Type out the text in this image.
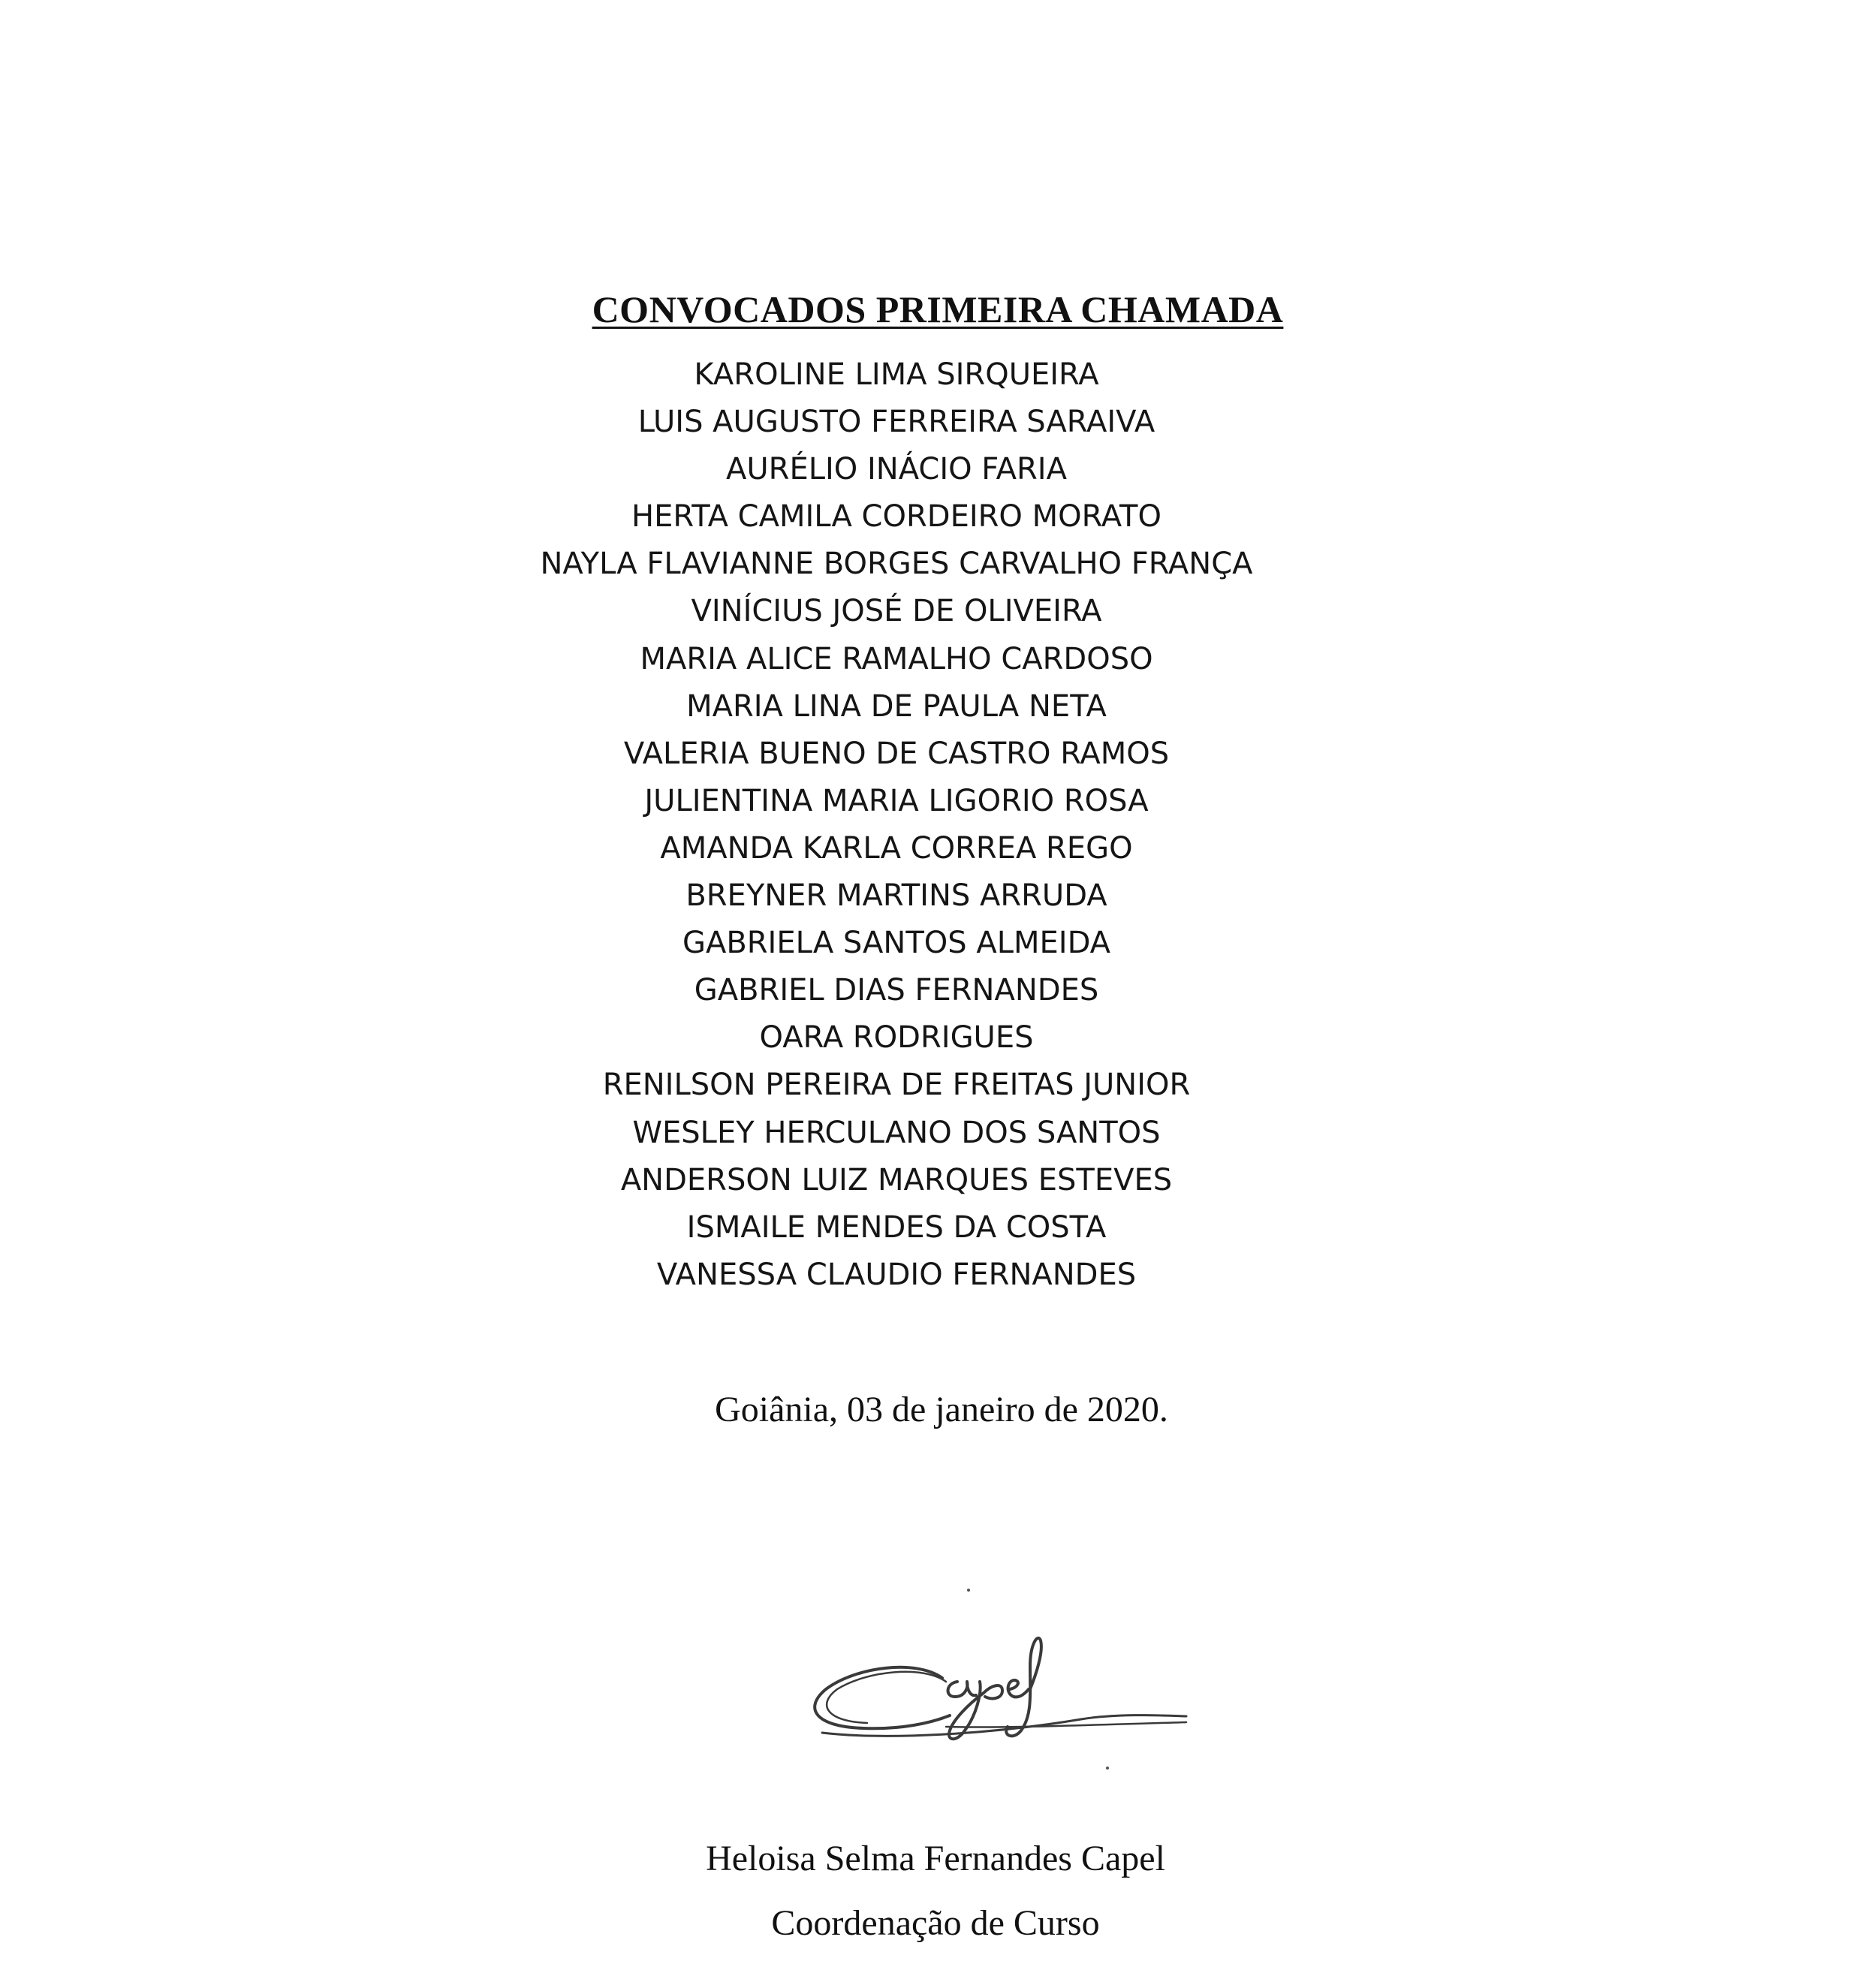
CONVOCADOS PRIMEIRA CHAMADA
KAROLINE LIMA SIRQUEIRA
LUIS AUGUSTO FERREIRA SARAIVA
AURÉLIO INÁCIO FARIA
HERTA CAMILA CORDEIRO MORATO
NAYLA FLAVIANNE BORGES CARVALHO FRANÇA
VINÍCIUS JOSÉ DE OLIVEIRA
MARIA ALICE RAMALHO CARDOSO
MARIA LINA DE PAULA NETA
VALERIA BUENO DE CASTRO RAMOS
JULIENTINA MARIA LIGORIO ROSA
AMANDA KARLA CORREA REGO
BREYNER MARTINS ARRUDA
GABRIELA SANTOS ALMEIDA
GABRIEL DIAS FERNANDES
OARA RODRIGUES
RENILSON PEREIRA DE FREITAS JUNIOR
WESLEY HERCULANO DOS SANTOS
ANDERSON LUIZ MARQUES ESTEVES
ISMAILE MENDES DA COSTA
VANESSA CLAUDIO FERNANDES
Goiânia, 03 de janeiro de 2020.
Heloisa Selma Fernandes Capel
Coordenação de Curso
